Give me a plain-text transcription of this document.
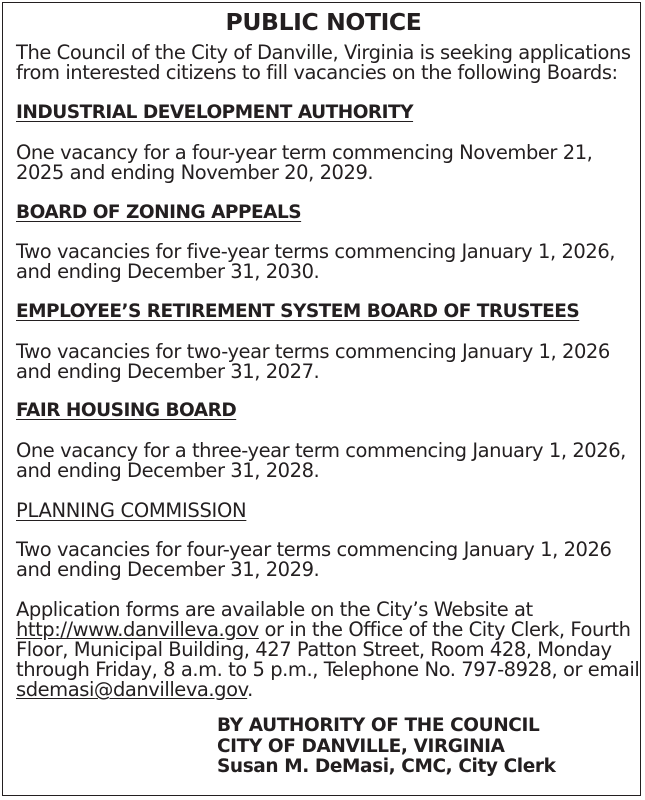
PUBLIC NOTICE
The Council of the City of Danville, Virginia is seeking applications
from interested citizens to fill vacancies on the following Boards:
INDUSTRIAL DEVELOPMENT AUTHORITY
One vacancy for a four-year term commencing November 21,
2025 and ending November 20, 2029.
BOARD OF ZONING APPEALS
Two vacancies for five-year terms commencing January 1, 2026,
and ending December 31, 2030.
EMPLOYEE’S RETIREMENT SYSTEM BOARD OF TRUSTEES
Two vacancies for two-year terms commencing January 1, 2026
and ending December 31, 2027.
FAIR HOUSING BOARD
One vacancy for a three-year term commencing January 1, 2026,
and ending December 31, 2028.
PLANNING COMMISSION
Two vacancies for four-year terms commencing January 1, 2026
and ending December 31, 2029.
Application forms are available on the City’s Website at
http://www.danvilleva.gov or in the Office of the City Clerk, Fourth
Floor, Municipal Building, 427 Patton Street, Room 428, Monday
through Friday, 8 a.m. to 5 p.m., Telephone No. 797-8928, or email
sdemasi@danvilleva.gov.
BY AUTHORITY OF THE COUNCIL
CITY OF DANVILLE, VIRGINIA
Susan M. DeMasi, CMC, City Clerk
